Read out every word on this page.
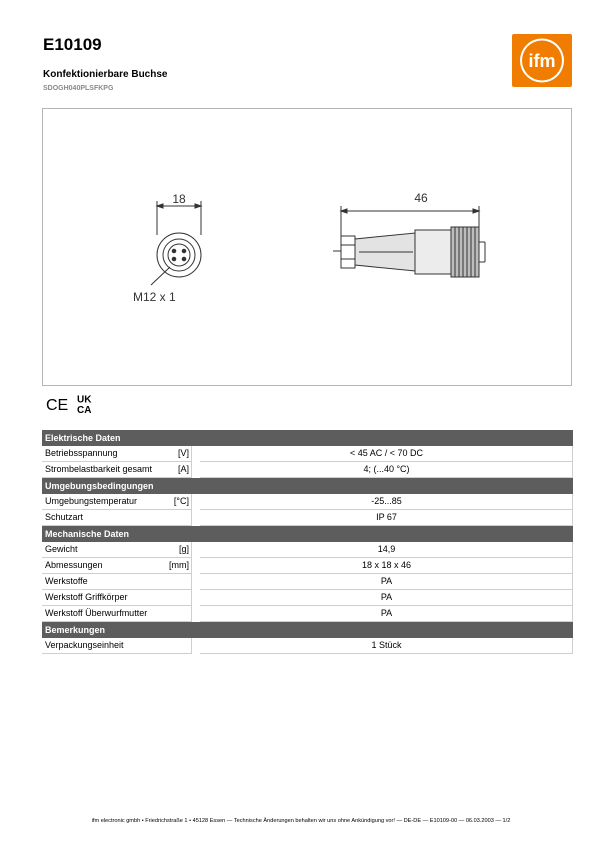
E10109
Konfektionierbare Buchse
SDOGH040PLSFKPG
ifm
18
M12 x 1
46
CE UK
CA
Elektrische Daten
Betriebsspannung	[V]	< 45 AC / < 70 DC
Strombelastbarkeit gesamt	[A]	4; (...40 °C)
Umgebungsbedingungen
Umgebungstemperatur	[°C]	-25...85
Schutzart	IP 67
Mechanische Daten
Gewicht	[g]	14,9
Abmessungen	[mm]	18 x 18 x 46
Werkstoffe	PA
Werkstoff Griffkörper	PA
Werkstoff Überwurfmutter	PA
Bemerkungen
Verpackungseinheit	1 Stück
ifm electronic gmbh • Friedrichstraße 1 • 45128 Essen — Technische Änderungen behalten wir uns ohne Ankündigung vor! — DE-DE — E10109-00 — 06.03.2003 — 1/2
